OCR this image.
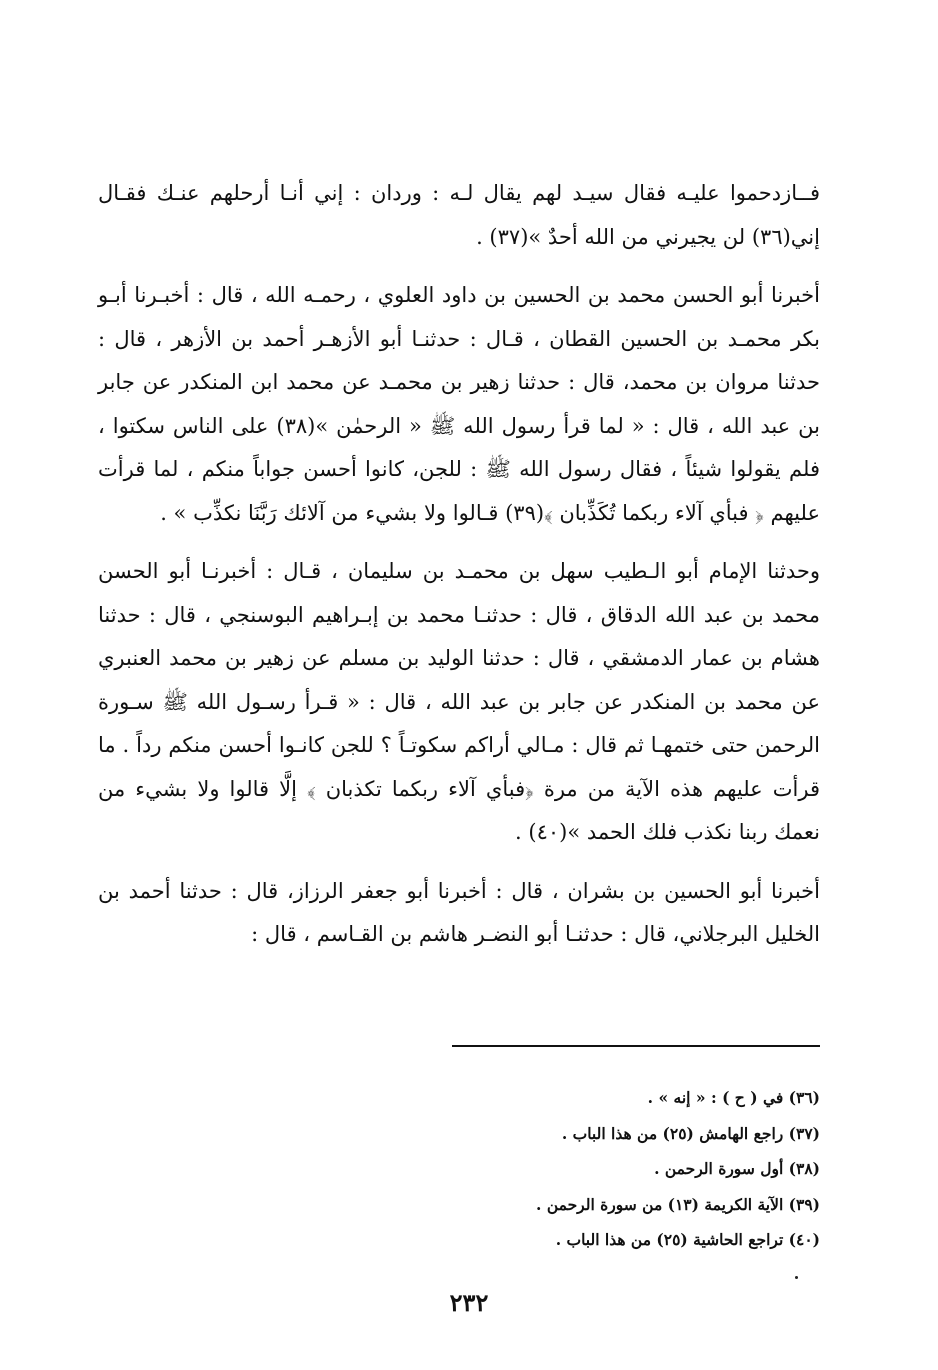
فــازدحموا عليـه فقال سيـد لهم يقال لـه : وردان : إني أنـا أرحلهم عنـك فقـال إني(٣٦) لن يجيرني من الله أحدٌ »(٣٧) .

أخبرنا أبو الحسن محمد بن الحسين بن داود العلوي ، رحمـه الله ، قال : أخبـرنا أبـو بكر محمـد بن الحسين القطان ، قـال : حدثنـا أبو الأزهـر أحمد بن الأزهر ، قال : حدثنا مروان بن محمد، قال : حدثنا زهير بن محمـد عن محمد ابن المنكدر عن جابر بن عبد الله ، قال : « لما قرأ رسول الله ﷺ « الرحمٰن »(٣٨) على الناس سكتوا ، فلم يقولوا شيئاً ، فقال رسول الله ﷺ : للجن، كانوا أحسن جواباً منكم ، لما قرأت عليهم ﴿ فبأي آلاء ربكما تُكَذِّبان ﴾(٣٩) قـالوا ولا بشيء من آلائك رَبَّنَا نكذِّب » .

وحدثنا الإمام أبو الـطيب سهل بن محمـد بن سليمان ، قـال : أخبرنـا أبو الحسن محمد بن عبد الله الدقاق ، قال : حدثنـا محمد بن إبـراهيم البوسنجي ، قال : حدثنا هشام بن عمار الدمشقي ، قال : حدثنا الوليد بن مسلم عن زهير بن محمد العنبري عن محمد بن المنكدر عن جابر بن عبد الله ، قال : « قـرأ رسـول الله ﷺ سـورة الرحمن حتى ختمهـا ثم قال : مـالي أراكم سكوتـاً ؟ للجن كانـوا أحسن منكم رداً . ما قرأت عليهم هذه الآية من مرة ﴿فبأي آلاء ربكما تكذبان ﴾ إلَّا قالوا ولا بشيء من نعمك ربنا نكذب فلك الحمد »(٤٠) .

أخبرنا أبو الحسين بن بشران ، قال : أخبرنا أبو جعفر الرزاز، قال : حدثنا أحمد بن الخليل البرجلاني، قال : حدثنـا أبو النضـر هاشم بن القـاسم ، قال :

(٣٦) في ( ح ) : « إنه » .

(٣٧) راجع الهامش (٢٥) من هذا الباب .

(٣٨) أول سورة الرحمن .

(٣٩) الآية الكريمة (١٣) من سورة الرحمن .

(٤٠) تراجع الحاشية (٢٥) من هذا الباب .

٢٣٢
